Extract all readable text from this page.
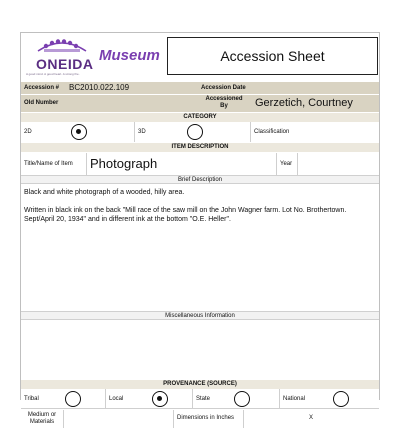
ONEIDA
A good mind. A good heart. A strong fire.
Museum	Accession Sheet
Accession # BC2010.022.109	Accession Date
Old Number
Accessioned By	Gerzetich, Courtney
CATEGORY
2D	3D	Classification
ITEM DESCRIPTION
Title/Name of Item Photograph	Year
Brief Description
Black and white photograph of a wooded, hilly area.
Written in black ink on the back "Mill race of the saw mill on the John Wagner farm. Lot No. Brothertown. Sept/April 20, 1934" and in different ink at the bottom "O.E. Heller".
Miscellaneous Information
PROVENANCE (SOURCE)
Tribal	Local	State	National
Medium or Materials
Dimensions in Inches	X
